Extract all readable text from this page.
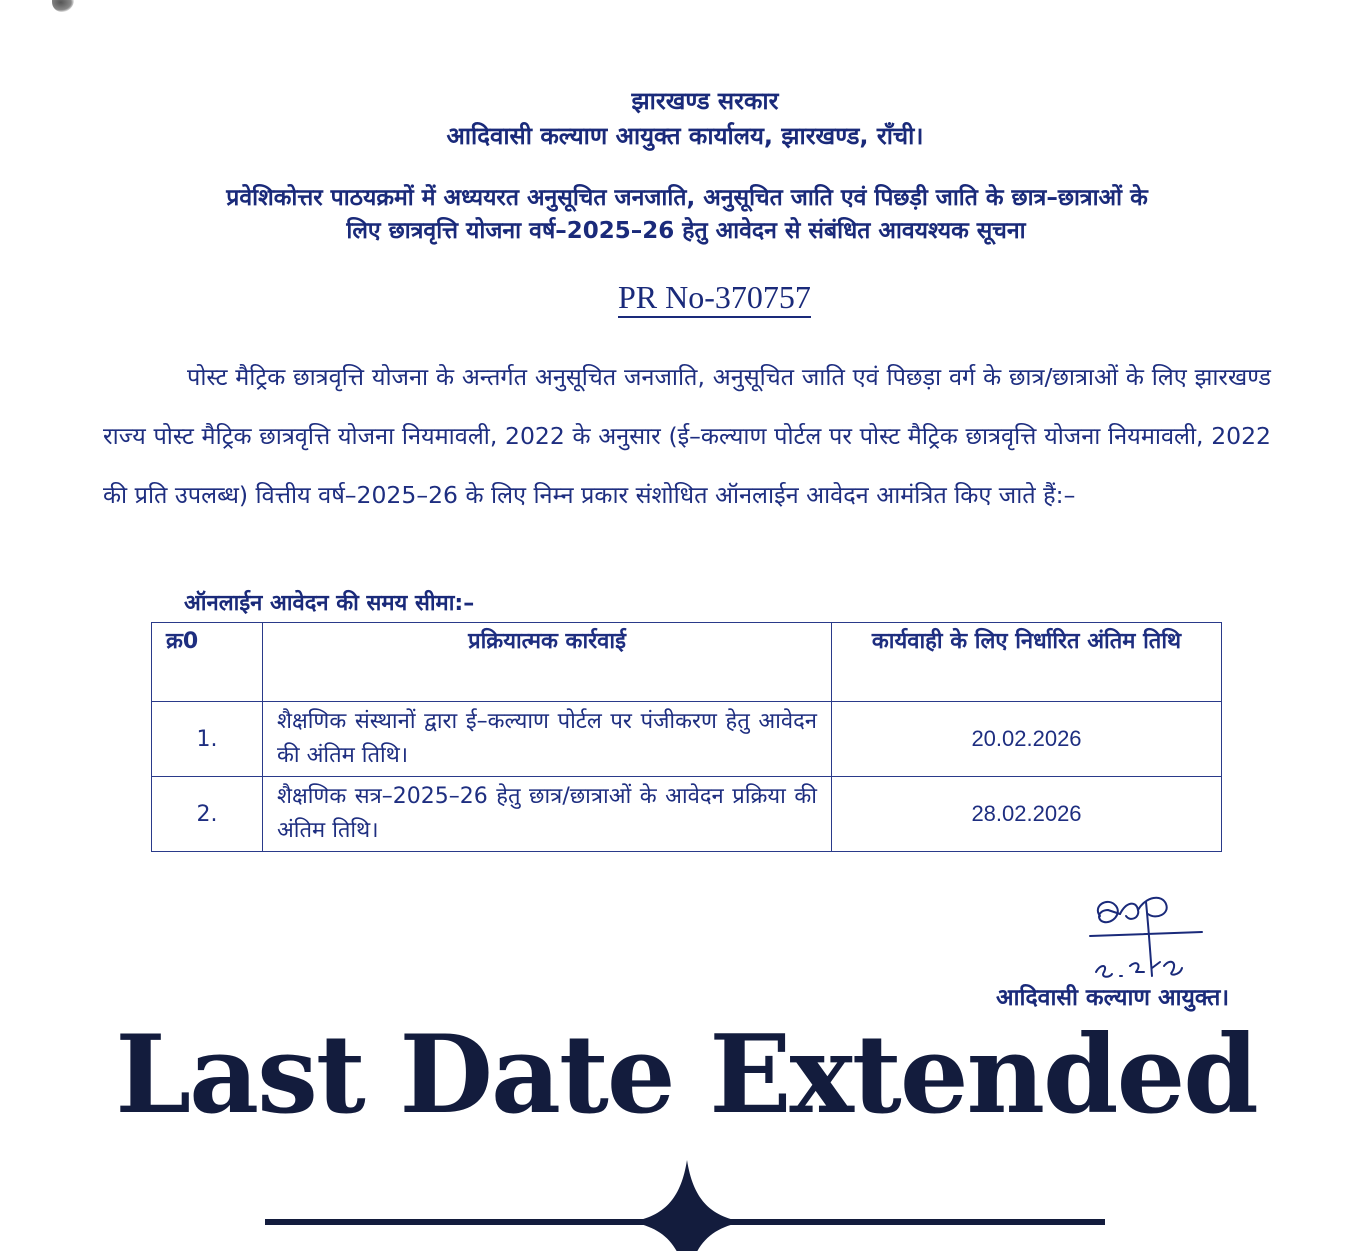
झारखण्ड सरकार
आदिवासी कल्याण आयुक्त कार्यालय, झारखण्ड, राँची।
प्रवेशिकोत्तर पाठयक्रमों में अध्ययरत अनुसूचित जनजाति, अनुसूचित जाति एवं पिछड़ी जाति के छात्र–छात्राओं के
लिए छात्रवृत्ति योजना वर्ष–2025–26 हेतु आवेदन से संबंधित आवयश्यक सूचना
PR No-370757
पोस्ट मैट्रिक छात्रवृत्ति योजना के अन्तर्गत अनुसूचित जनजाति, अनुसूचित जाति एवं पिछड़ा वर्ग के छात्र/छात्राओं के लिए झारखण्ड राज्य पोस्ट मैट्रिक छात्रवृत्ति योजना नियमावली, 2022 के अनुसार (ई–कल्याण पोर्टल पर पोस्ट मैट्रिक छात्रवृत्ति योजना नियमावली, 2022 की प्रति उपलब्ध) वित्तीय वर्ष–2025–26 के लिए निम्न प्रकार संशोधित ऑनलाईन आवेदन आमंत्रित किए जाते हैं:–
ऑनलाईन आवेदन की समय सीमा:–
क्र0	प्रक्रियात्मक कार्रवाई	कार्यवाही के लिए निर्धारित अंतिम तिथि
1.	शैक्षणिक संस्थानों द्वारा ई–कल्याण पोर्टल पर पंजीकरण हेतु आवेदन की अंतिम तिथि।	20.02.2026
2.	शैक्षणिक सत्र–2025–26 हेतु छात्र/छात्राओं के आवेदन प्रक्रिया की अंतिम तिथि।	28.02.2026
आदिवासी कल्याण आयुक्त।
Last Date Extended
